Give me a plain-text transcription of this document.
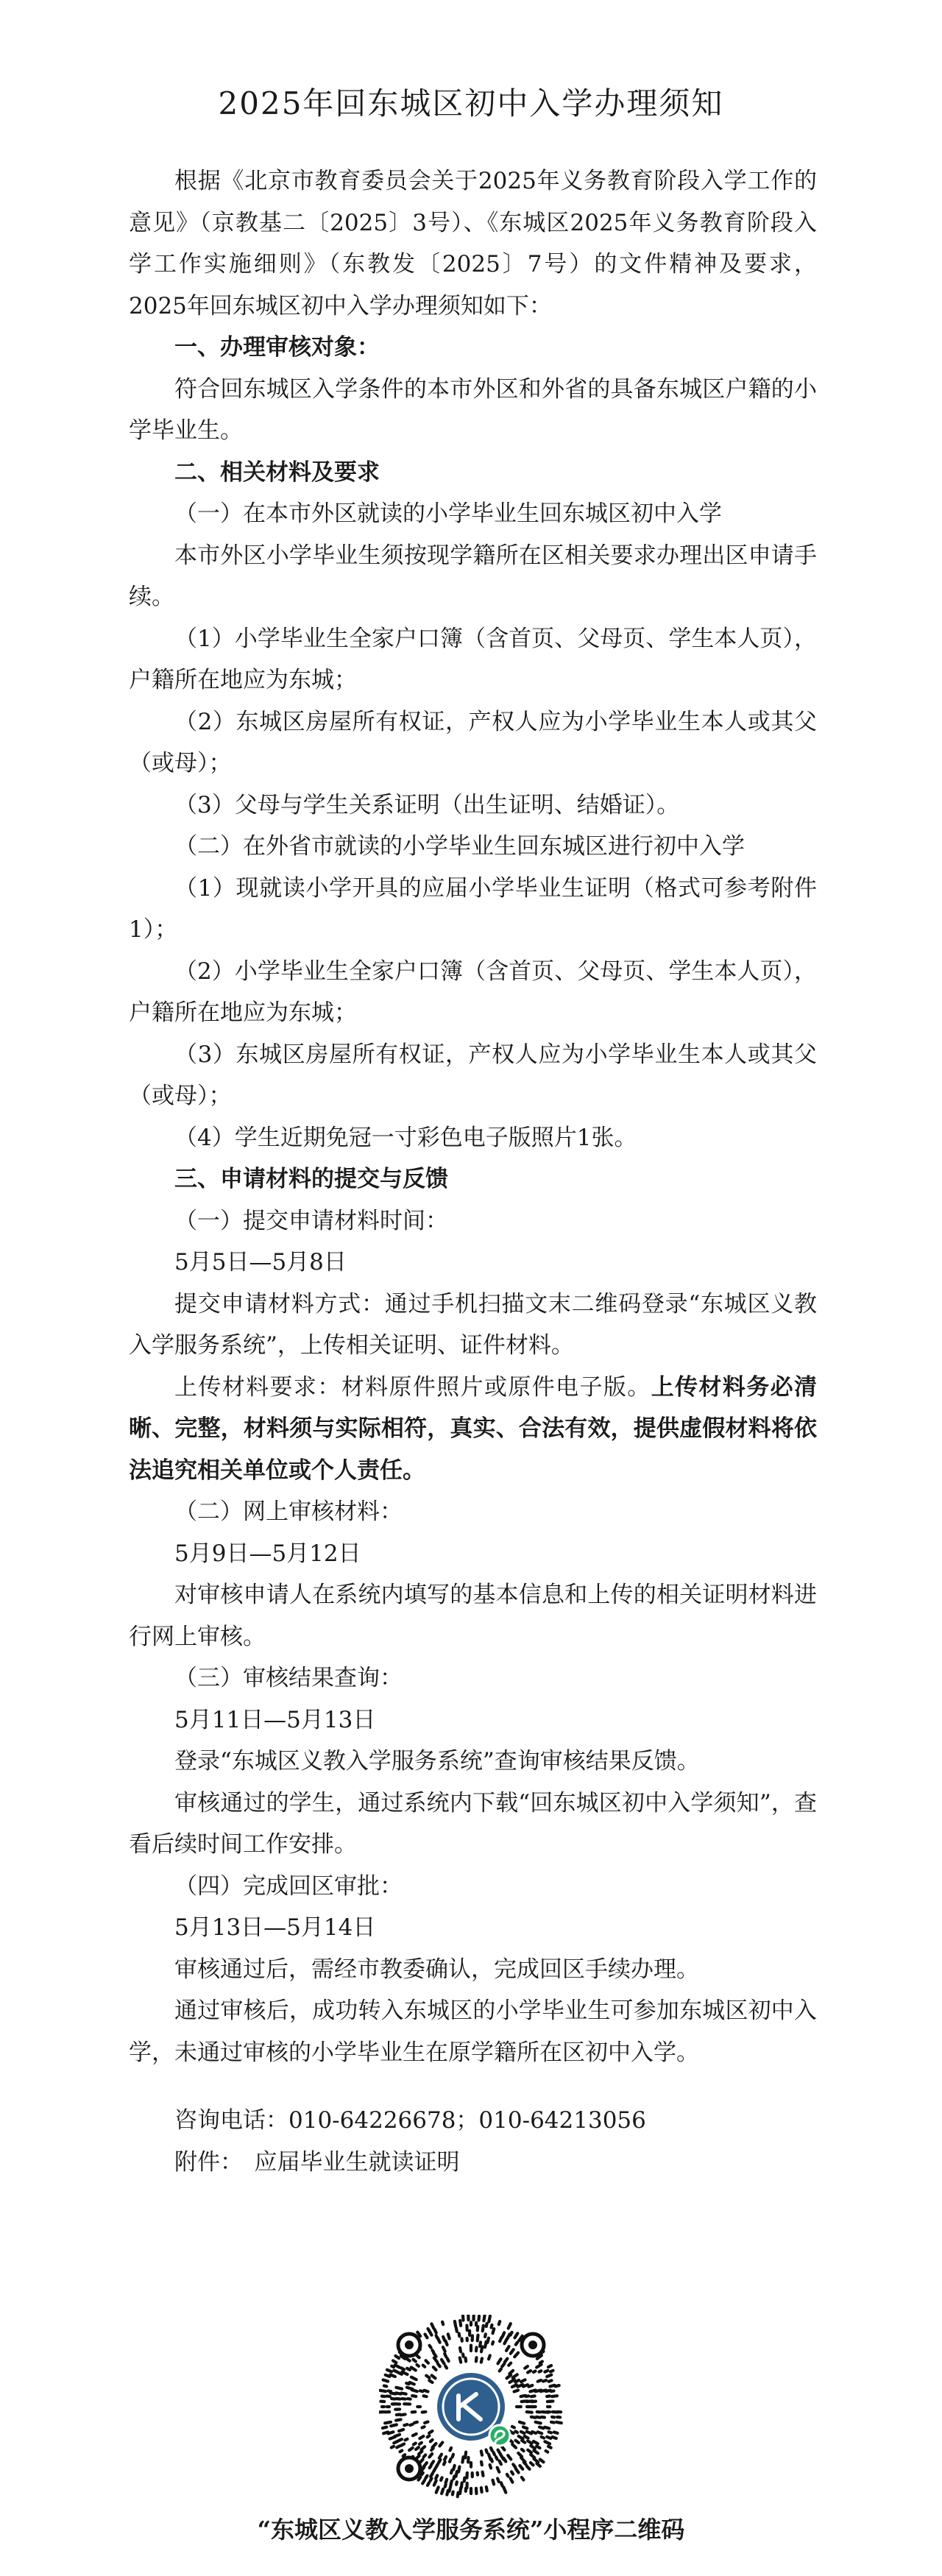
2025年回东城区初中入学办理须知

根据《北京市教育委员会关于2025年义务教育阶段入学工作的意见》（京教基二〔2025〕3号）、《东城区2025年义务教育阶段入学工作实施细则》（东教发〔2025〕7号）的文件精神及要求，2025年回东城区初中入学办理须知如下：

一、办理审核对象：

符合回东城区入学条件的本市外区和外省的具备东城区户籍的小学毕业生。

二、相关材料及要求

（一）在本市外区就读的小学毕业生回东城区初中入学

本市外区小学毕业生须按现学籍所在区相关要求办理出区申请手续。

（1）小学毕业生全家户口簿（含首页、父母页、学生本人页），户籍所在地应为东城；

（2）东城区房屋所有权证，产权人应为小学毕业生本人或其父（或母）；

（3）父母与学生关系证明（出生证明、结婚证）。

（二）在外省市就读的小学毕业生回东城区进行初中入学

（1）现就读小学开具的应届小学毕业生证明（格式可参考附件1）；

（2）小学毕业生全家户口簿（含首页、父母页、学生本人页），户籍所在地应为东城；

（3）东城区房屋所有权证，产权人应为小学毕业生本人或其父（或母）；

（4）学生近期免冠一寸彩色电子版照片1张。

三、申请材料的提交与反馈

（一）提交申请材料时间：

5月5日—5月8日

提交申请材料方式：通过手机扫描文末二维码登录“东城区义教入学服务系统”，上传相关证明、证件材料。

上传材料要求：材料原件照片或原件电子版。上传材料务必清晰、完整，材料须与实际相符，真实、合法有效，提供虚假材料将依法追究相关单位或个人责任。

（二）网上审核材料：

5月9日—5月12日

对审核申请人在系统内填写的基本信息和上传的相关证明材料进行网上审核。

（三）审核结果查询：

5月11日—5月13日

登录“东城区义教入学服务系统”查询审核结果反馈。

审核通过的学生，通过系统内下载“回东城区初中入学须知”，查看后续时间工作安排。

（四）完成回区审批：

5月13日—5月14日

审核通过后，需经市教委确认，完成回区手续办理。

通过审核后，成功转入东城区的小学毕业生可参加东城区初中入学，未通过审核的小学毕业生在原学籍所在区初中入学。

咨询电话：010-64226678；010-64213056

附件：　应届毕业生就读证明

“东城区义教入学服务系统”小程序二维码
